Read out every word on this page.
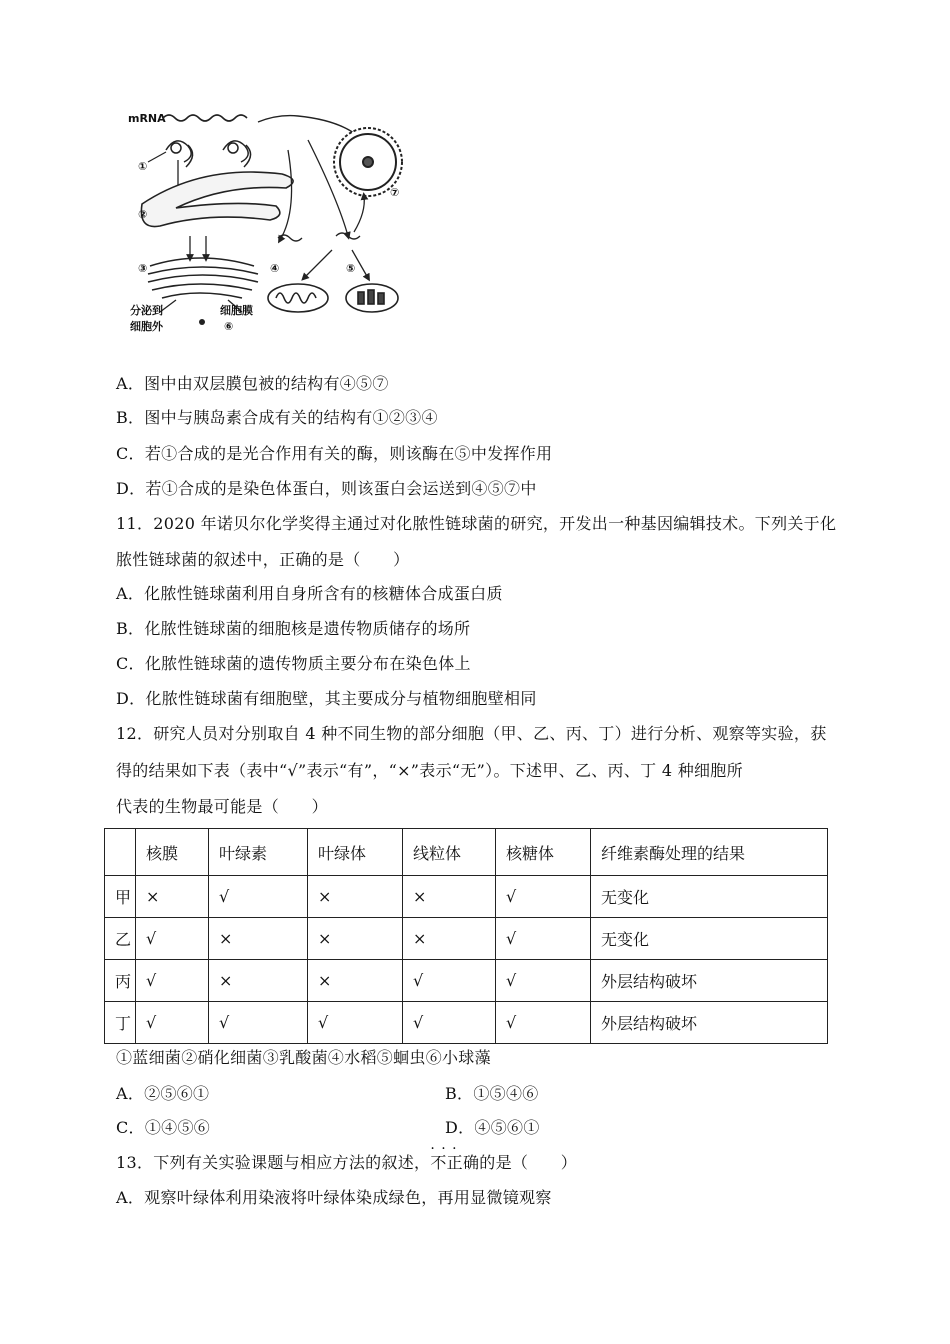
mRNA
①
②
③
分泌到
细胞外
细胞膜
⑥
⑦
④	⑤
A．图中由双层膜包被的结构有④⑤⑦
B．图中与胰岛素合成有关的结构有①②③④
C．若①合成的是光合作用有关的酶，则该酶在⑤中发挥作用
D．若①合成的是染色体蛋白，则该蛋白会运送到④⑤⑦中
11．2020 年诺贝尔化学奖得主通过对化脓性链球菌的研究，开发出一种基因编辑技术。下列关于化
脓性链球菌的叙述中，正确的是（　　）
A．化脓性链球菌利用自身所含有的核糖体合成蛋白质
B．化脓性链球菌的细胞核是遗传物质储存的场所
C．化脓性链球菌的遗传物质主要分布在染色体上
D．化脓性链球菌有细胞壁，其主要成分与植物细胞壁相同
12．研究人员对分别取自 4 种不同生物的部分细胞（甲、乙、丙、丁）进行分析、观察等实验，获
得的结果如下表（表中“√”表示“有”，“×”表示“无”）。下述甲、乙、丙、丁 4 种细胞所
代表的生物最可能是（　　）
	核膜	叶绿素	叶绿体	线粒体	核糖体	纤维素酶处理的结果
甲	×	√	×	×	√	无变化
乙	√	×	×	×	√	无变化
丙	√	×	×	√	√	外层结构破坏
丁	√	√	√	√	√	外层结构破坏
①蓝细菌②硝化细菌③乳酸菌④水稻⑤蛔虫⑥小球藻
A．②⑤⑥①	B．①⑤④⑥
C．①④⑤⑥	D．④⑤⑥①
13．下列有关实验课题与相应方法的叙述，· · · 不正确的是（　　）
A．观察叶绿体利用染液将叶绿体染成绿色，再用显微镜观察
